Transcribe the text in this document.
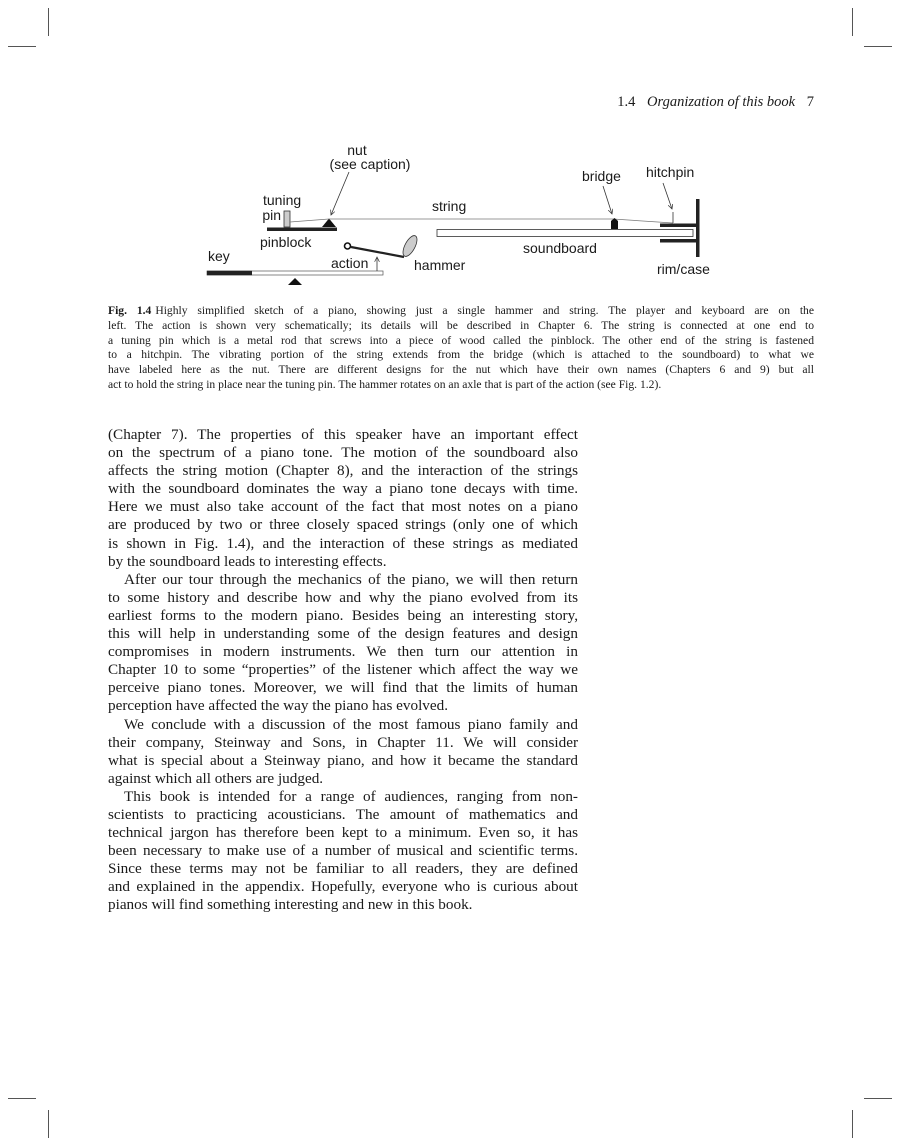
1.4 Organization of this book 7
nut
(see caption)
tuning
pin
pinblock
key	action	hammer
string
soundboard
bridge hitchpin
rim/case
Fig. 1.4 Highly simplified sketch of a piano, showing just a single hammer and string. The player and keyboard are on the
left. The action is shown very schematically; its details will be described in Chapter 6. The string is connected at one end to
a tuning pin which is a metal rod that screws into a piece of wood called the pinblock. The other end of the string is fastened
to a hitchpin. The vibrating portion of the string extends from the bridge (which is attached to the soundboard) to what we
have labeled here as the nut. There are different designs for the nut which have their own names (Chapters 6 and 9) but all
act to hold the string in place near the tuning pin. The hammer rotates on an axle that is part of the action (see Fig. 1.2).
(Chapter 7). The properties of this speaker have an important effect
on the spectrum of a piano tone. The motion of the soundboard also
affects the string motion (Chapter 8), and the interaction of the strings
with the soundboard dominates the way a piano tone decays with time.
Here we must also take account of the fact that most notes on a piano
are produced by two or three closely spaced strings (only one of which
is shown in Fig. 1.4), and the interaction of these strings as mediated
by the soundboard leads to interesting effects.
After our tour through the mechanics of the piano, we will then return
to some history and describe how and why the piano evolved from its
earliest forms to the modern piano. Besides being an interesting story,
this will help in understanding some of the design features and design
compromises in modern instruments. We then turn our attention in
Chapter 10 to some “properties” of the listener which affect the way we
perceive piano tones. Moreover, we will find that the limits of human
perception have affected the way the piano has evolved.
We conclude with a discussion of the most famous piano family and
their company, Steinway and Sons, in Chapter 11. We will consider
what is special about a Steinway piano, and how it became the standard
against which all others are judged.
This book is intended for a range of audiences, ranging from non-
scientists to practicing acousticians. The amount of mathematics and
technical jargon has therefore been kept to a minimum. Even so, it has
been necessary to make use of a number of musical and scientific terms.
Since these terms may not be familiar to all readers, they are defined
and explained in the appendix. Hopefully, everyone who is curious about
pianos will find something interesting and new in this book.
